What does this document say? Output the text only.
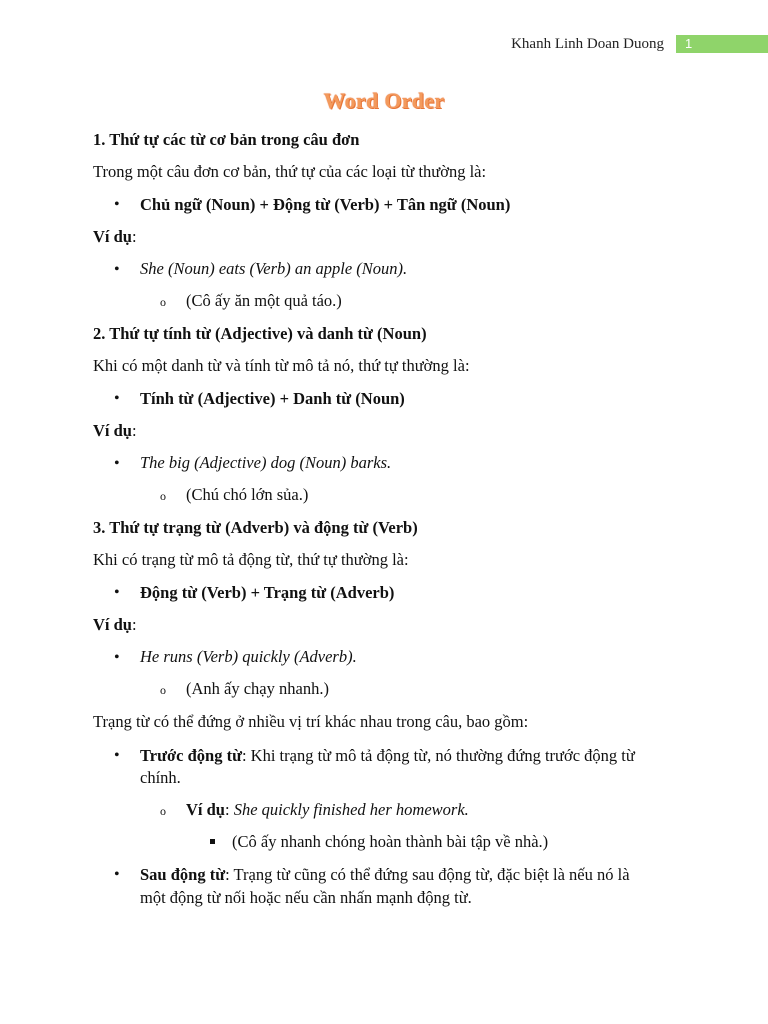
Khanh Linh Doan Duong	1
Word Order
1. Thứ tự các từ cơ bản trong câu đơn
Trong một câu đơn cơ bản, thứ tự của các loại từ thường là:
• Chủ ngữ (Noun) + Động từ (Verb) + Tân ngữ (Noun)
Ví dụ:
• She (Noun) eats (Verb) an apple (Noun).
o (Cô ấy ăn một quả táo.)
2. Thứ tự tính từ (Adjective) và danh từ (Noun)
Khi có một danh từ và tính từ mô tả nó, thứ tự thường là:
• Tính từ (Adjective) + Danh từ (Noun)
Ví dụ:
• The big (Adjective) dog (Noun) barks.
o (Chú chó lớn sủa.)
3. Thứ tự trạng từ (Adverb) và động từ (Verb)
Khi có trạng từ mô tả động từ, thứ tự thường là:
• Động từ (Verb) + Trạng từ (Adverb)
Ví dụ:
• He runs (Verb) quickly (Adverb).
o (Anh ấy chạy nhanh.)
Trạng từ có thể đứng ở nhiều vị trí khác nhau trong câu, bao gồm:
• Trước động từ: Khi trạng từ mô tả động từ, nó thường đứng trước động từ
chính.
o Ví dụ: She quickly finished her homework.
(Cô ấy nhanh chóng hoàn thành bài tập về nhà.)
• Sau động từ: Trạng từ cũng có thể đứng sau động từ, đặc biệt là nếu nó là
một động từ nối hoặc nếu cần nhấn mạnh động từ.
